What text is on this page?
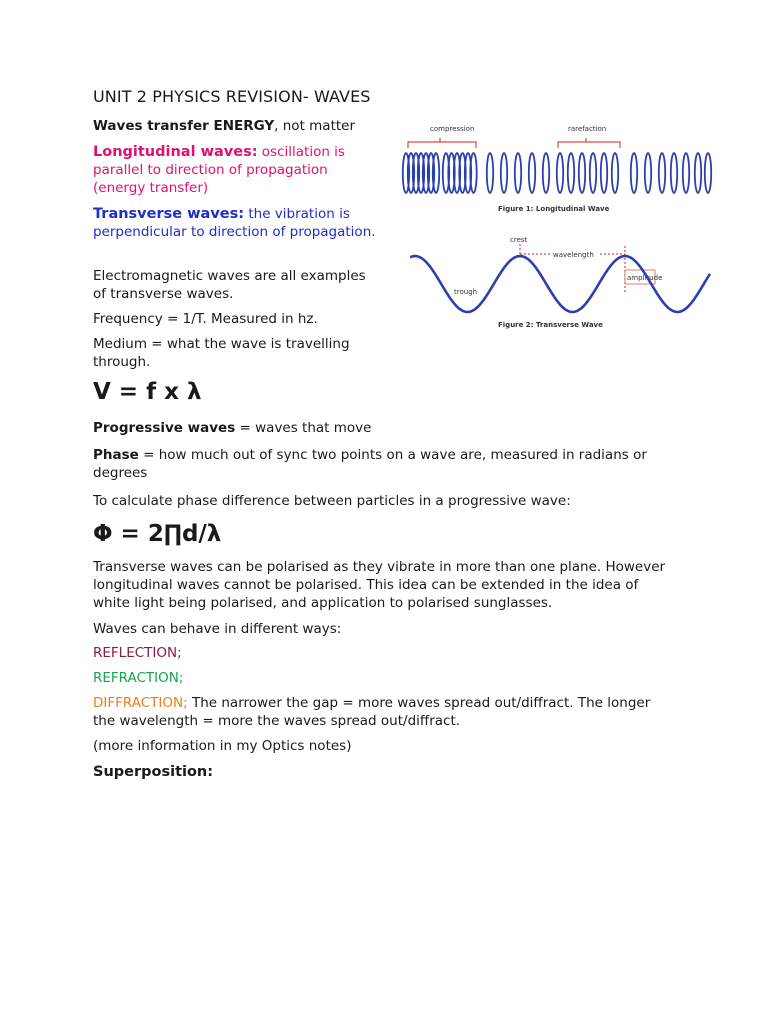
UNIT 2 PHYSICS REVISION- WAVES
Waves transfer ENERGY, not matter
Longitudinal waves: oscillation is parallel to direction of propagation (energy transfer)
Transverse waves: the vibration is perpendicular to direction of propagation.
Electromagnetic waves are all examples of transverse waves.
Frequency = 1/T. Measured in hz.
Medium = what the wave is travelling through.
V = f x λ
Progressive waves = waves that move
Phase = how much out of sync two points on a wave are, measured in radians or degrees
To calculate phase difference between particles in a progressive wave:
Φ = 2∏d/λ
Transverse waves can be polarised as they vibrate in more than one plane. However longitudinal waves cannot be polarised. This idea can be extended in the idea of white light being polarised, and application to polarised sunglasses.
Waves can behave in different ways:
REFLECTION;
REFRACTION;
DIFFRACTION; The narrower the gap = more waves spread out/diffract. The longer the wavelength = more the waves spread out/diffract.
(more information in my Optics notes)
Superposition:
compression	rarefaction
Figure 1: Longitudinal Wave
crest
wavelength
amplitude
trough
Figure 2: Transverse Wave
